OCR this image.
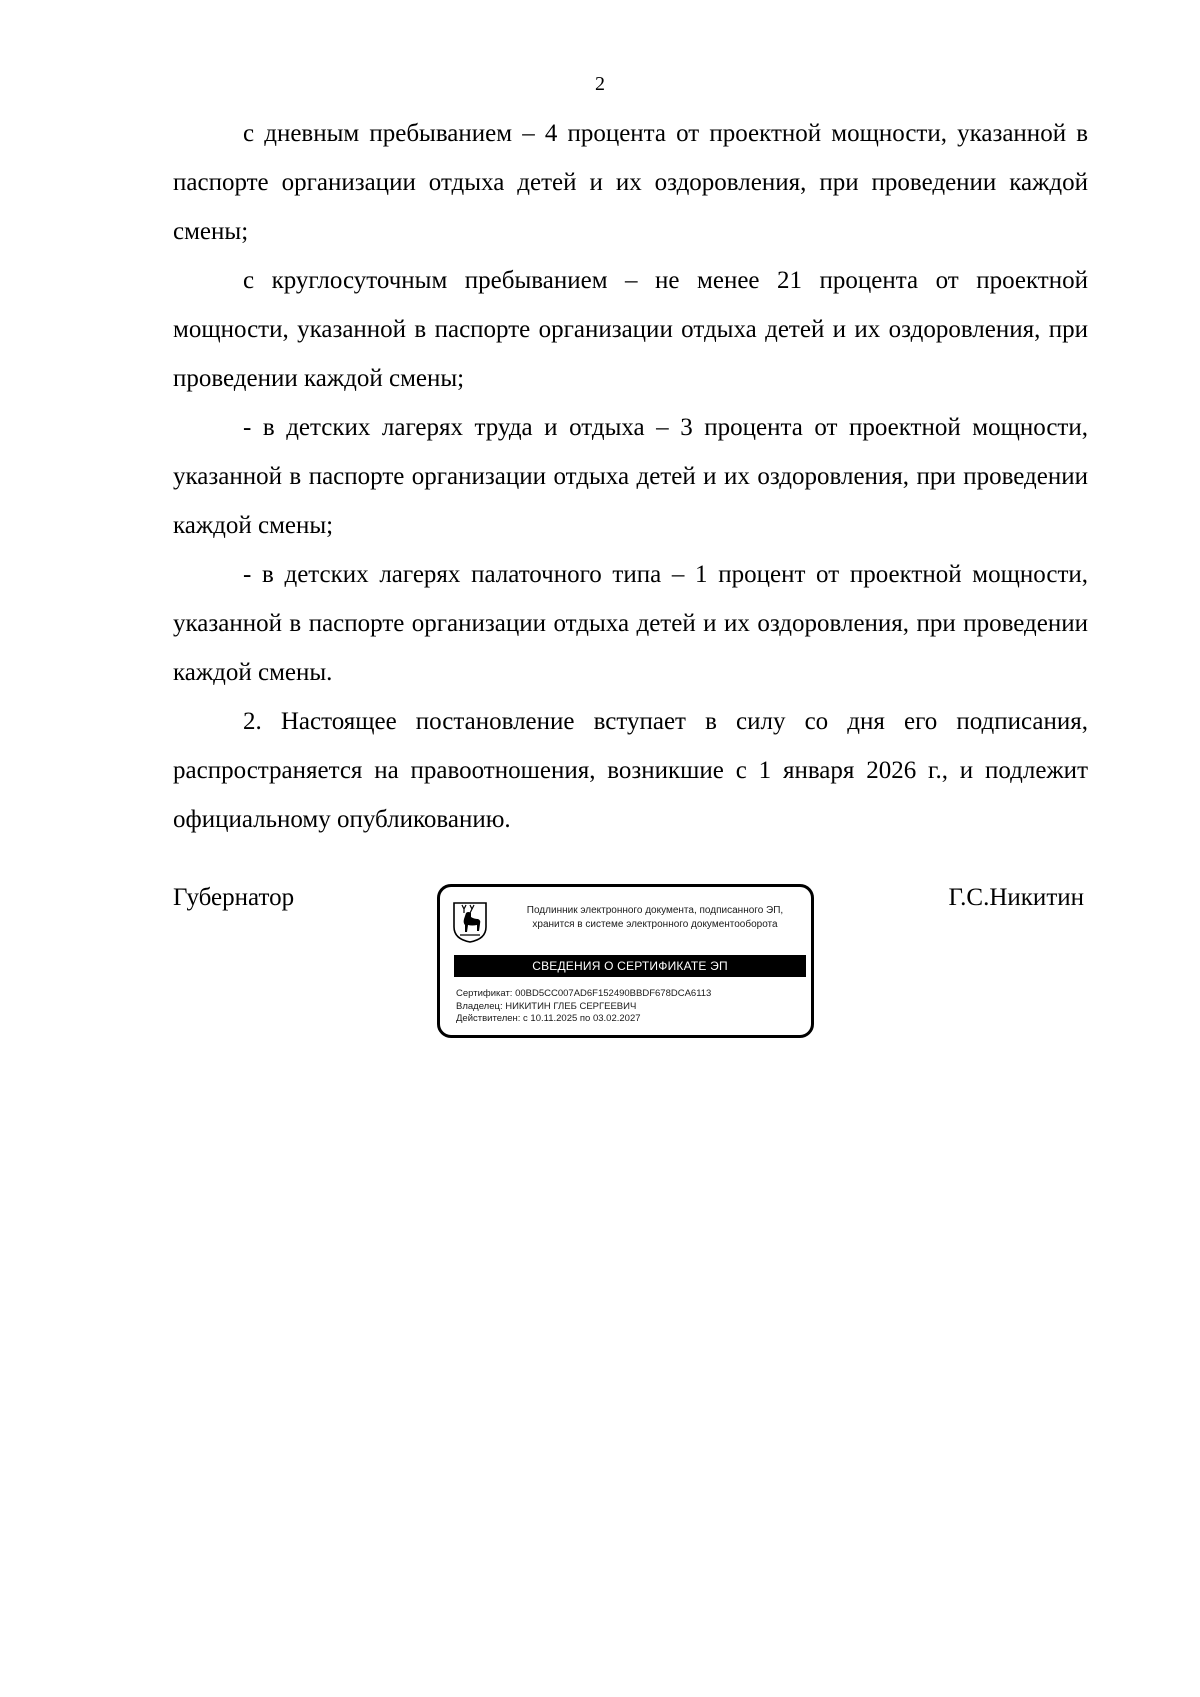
2

с дневным пребыванием – 4 процента от проектной мощности, указанной в паспорте организации отдыха детей и их оздоровления, при проведении каждой смены;

с круглосуточным пребыванием – не менее 21 процента от проектной мощности, указанной в паспорте организации отдыха детей и их оздоровления, при проведении каждой смены;

- в детских лагерях труда и отдыха – 3 процента от проектной мощности, указанной в паспорте организации отдыха детей и их оздоровления, при проведении каждой смены;

- в детских лагерях палаточного типа – 1 процент от проектной мощности, указанной в паспорте организации отдыха детей и их оздоровления, при проведении каждой смены.

2. Настоящее постановление вступает в силу со дня его подписания, распространяется на правоотношения, возникшие с 1 января 2026 г., и подлежит официальному опубликованию.

Губернатор	Г.С.Никитин
Подлинник электронного документа, подписанного ЭП,
хранится в системе электронного документооборота
СВЕДЕНИЯ О СЕРТИФИКАТЕ ЭП
Сертификат: 00BD5CC007AD6F152490BBDF678DCA6113
Владелец: НИКИТИН ГЛЕБ СЕРГЕЕВИЧ
Действителен: с 10.11.2025 по 03.02.2027
